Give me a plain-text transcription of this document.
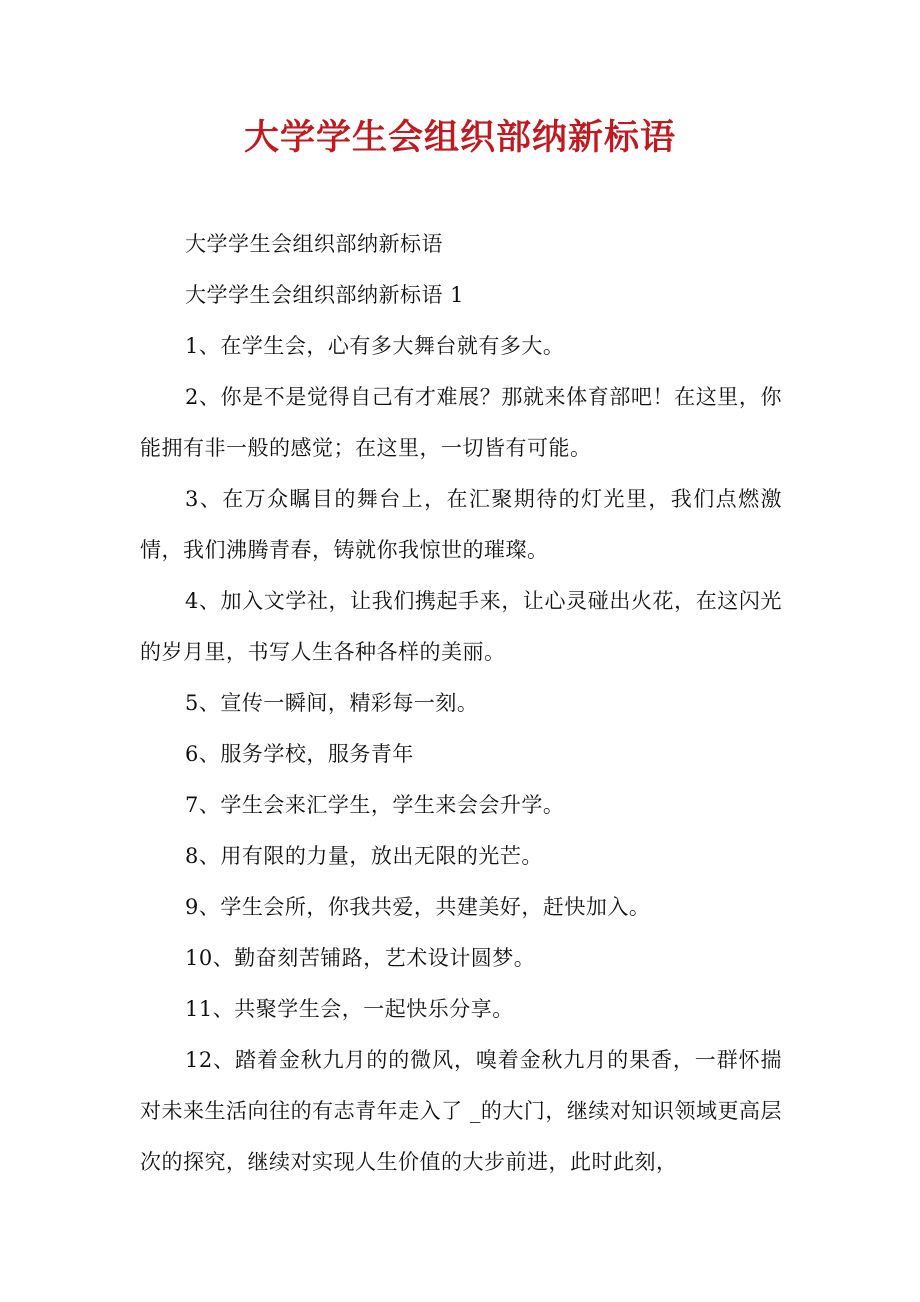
大学学生会组织部纳新标语

大学学生会组织部纳新标语

大学学生会组织部纳新标语 1

1、在学生会，心有多大舞台就有多大。

2、你是不是觉得自己有才难展？那就来体育部吧！在这里，你能拥有非一般的感觉；在这里，一切皆有可能。

3、在万众瞩目的舞台上，在汇聚期待的灯光里，我们点燃激情，我们沸腾青春，铸就你我惊世的璀璨。

4、加入文学社，让我们携起手来，让心灵碰出火花，在这闪光的岁月里，书写人生各种各样的美丽。

5、宣传一瞬间，精彩每一刻。

6、服务学校，服务青年

7、学生会来汇学生，学生来会会升学。

8、用有限的力量，放出无限的光芒。

9、学生会所，你我共爱，共建美好，赶快加入。

10、勤奋刻苦铺路，艺术设计圆梦。

11、共聚学生会，一起快乐分享。

12、踏着金秋九月的的微风，嗅着金秋九月的果香，一群怀揣对未来生活向往的有志青年走入了 _的大门，继续对知识领域更高层次的探究，继续对实现人生价值的大步前进，此时此刻，
